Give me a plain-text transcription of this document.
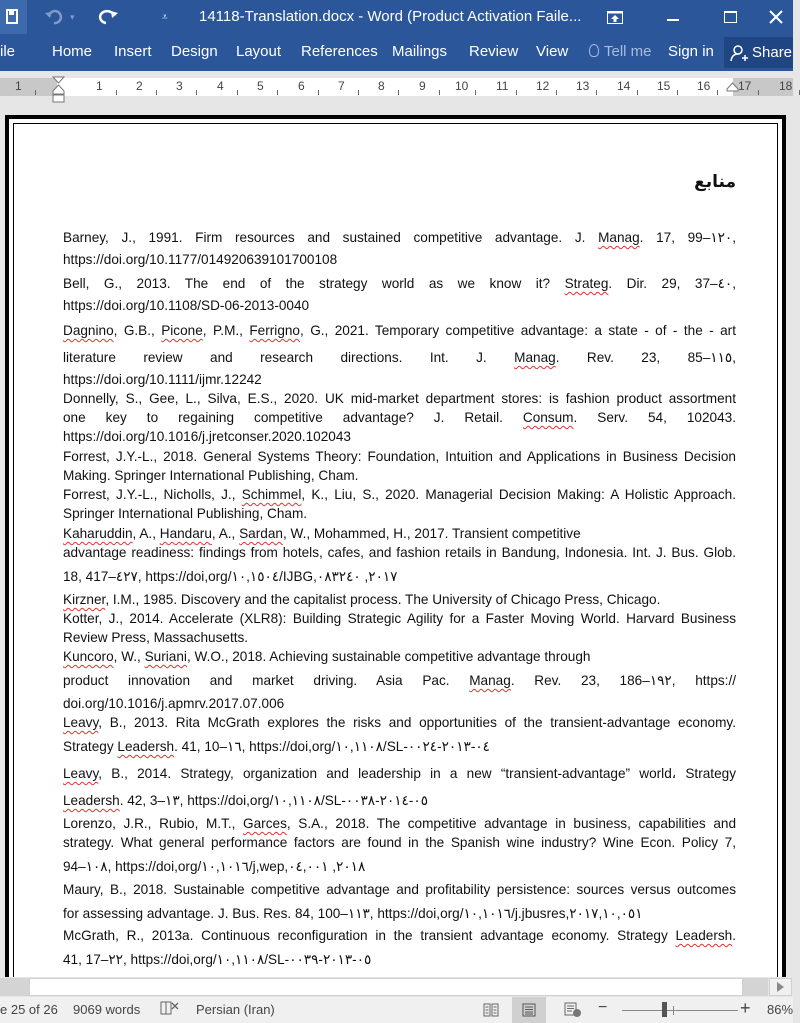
▾	⩡ 14118-Translation.docx - Word (Product Activation Faile...
ile Home Insert Design Layout References Mailings Review View	Tell me Sign in	Share
1	1	2	3	4	5	6	7	8	9 10 11 12 13 14 15 16 17 18
منابع
Barney, J., 1991. Firm resources and sustained competitive advantage. J. Manag. 17, 99–١٢٠,
https://doi.org/10.1177/014920639101700108
Bell, G., 2013. The end of the strategy world as we know it? Strateg. Dir. 29, 37–٤٠,
https://doi.org/10.1108/SD-06-2013-0040
Dagnino, G.B., Picone, P.M., Ferrigno, G., 2021. Temporary competitive advantage: a state ‐ of ‐ the ‐ art
literature review and research directions. Int. J. Manag. Rev. 23, 85–١١٥,
https://doi.org/10.1111/ijmr.12242
Donnelly, S., Gee, L., Silva, E.S., 2020. UK mid-market department stores: is fashion product assortment
one key to regaining competitive advantage? J. Retail. Consum. Serv. 54, 102043.
https://doi.org/10.1016/j.jretconser.2020.102043
Forrest, J.Y.-L., 2018. General Systems Theory: Foundation, Intuition and Applications in Business Decision
Making. Springer International Publishing, Cham.
Forrest, J.Y.-L., Nicholls, J., Schimmel, K., Liu, S., 2020. Managerial Decision Making: A Holistic Approach.
Springer International Publishing, Cham.
Kaharuddin, A., Handaru, A., Sardan, W., Mohammed, H., 2017. Transient competitive
advantage readiness: findings from hotels, cafes, and fashion retails in Bandung, Indonesia. Int. J. Bus. Glob.
18, 417–٤٢٧, https://doi,org/١٠,١٥٠٤/IJBG,٢٠١٧, ٠٨٣٢٤٠
Kirzner, I.M., 1985. Discovery and the capitalist process. The University of Chicago Press, Chicago.
Kotter, J., 2014. Accelerate (XLR8): Building Strategic Agility for a Faster Moving World. Harvard Business
Review Press, Massachusetts.
Kuncoro, W., Suriani, W.O., 2018. Achieving sustainable competitive advantage through
product innovation and market driving. Asia Pac. Manag. Rev. 23, 186–١٩٢, https://
doi.org/10.1016/j.apmrv.2017.07.006
Leavy, B., 2013. Rita McGrath explores the risks and opportunities of the transient-advantage economy.
Strategy Leadersh. 41, 10–١٦, https://doi,org/١٠,١١٠٨/SL-٠٤-٢٠١٣-٠٠٢٤
Leavy, B., 2014. Strategy, organization and leadership in a new “transient-advantage” world، Strategy
Leadersh. 42, 3–١٣, https://doi,org/١٠,١١٠٨/SL-٠٥-٢٠١٤-٠٠٣٨
Lorenzo, J.R., Rubio, M.T., Garces, S.A., 2018. The competitive advantage in business, capabilities and
strategy. What general performance factors are found in the Spanish wine industry? Wine Econ. Policy 7,
94–١٠٨, https://doi,org/١٠,١٠١٦/j,wep,٢٠١٨, ٠٤,٠٠١
Maury, B., 2018. Sustainable competitive advantage and profitability persistence: sources versus outcomes
for assessing advantage. J. Bus. Res. 84, 100–١١٣, https://doi,org/١٠,١٠١٦/j.jbusres,٢٠١٧,١٠,٠٥١
McGrath, R., 2013a. Continuous reconfiguration in the transient advantage economy. Strategy Leadersh.
41, 17–٢٢, https://doi,org/١٠,١١٠٨/SL-٠٥-٢٠١٣-٠٠٣٩
e 25 of 26 9069 words	Persian (Iran)	−	+ 86%
